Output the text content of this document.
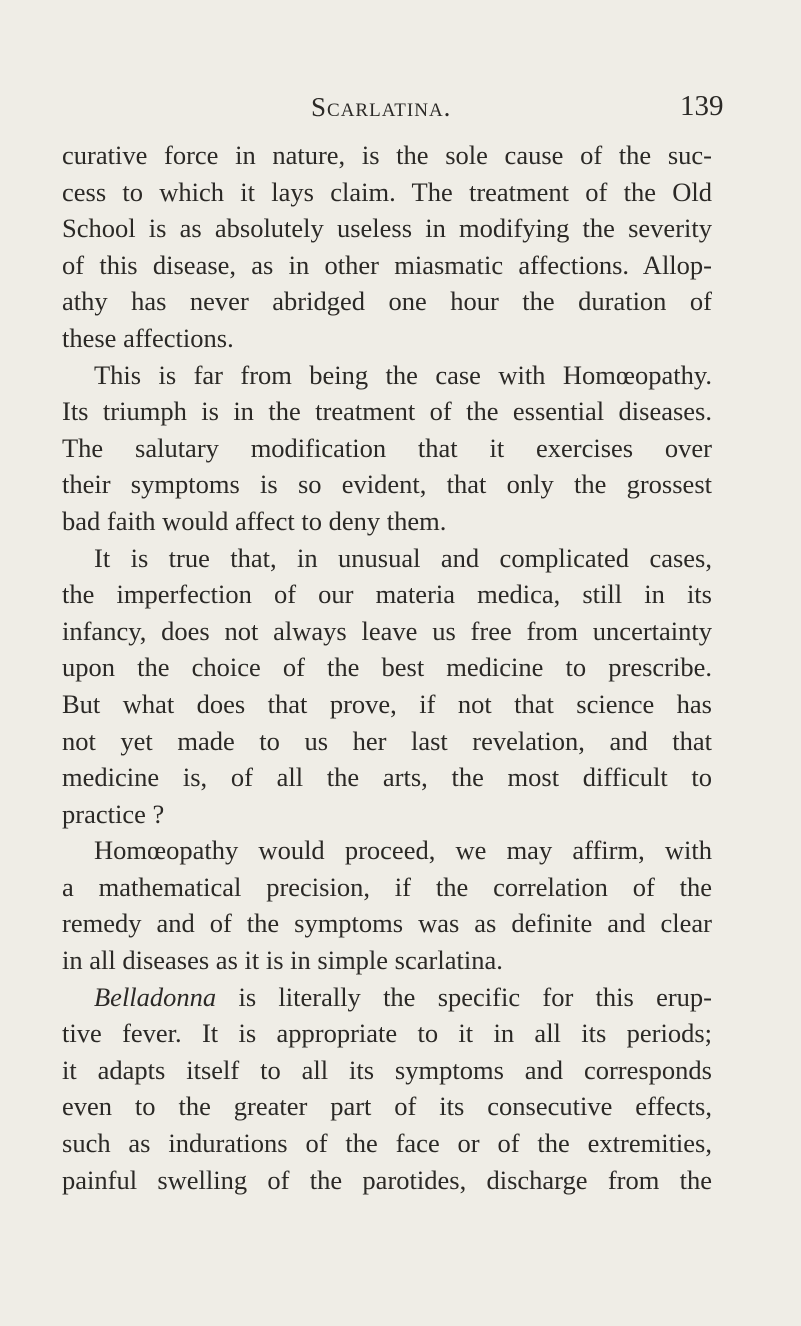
Scarlatina.	139
curative force in nature, is the sole cause of the suc-
cess to which it lays claim. The treatment of the Old
School is as absolutely useless in modifying the severity
of this disease, as in other miasmatic affections. Allop-
athy has never abridged one hour the duration of
these affections.
This is far from being the case with Homœopathy.
Its triumph is in the treatment of the essential diseases.
The salutary modification that it exercises over
their symptoms is so evident, that only the grossest
bad faith would affect to deny them.
It is true that, in unusual and complicated cases,
the imperfection of our materia medica, still in its
infancy, does not always leave us free from uncertainty
upon the choice of the best medicine to prescribe.
But what does that prove, if not that science has
not yet made to us her last revelation, and that
medicine is, of all the arts, the most difficult to
practice ?
Homœopathy would proceed, we may affirm, with
a mathematical precision, if the correlation of the
remedy and of the symptoms was as definite and clear
in all diseases as it is in simple scarlatina.
Belladonna is literally the specific for this erup-
tive fever. It is appropriate to it in all its periods;
it adapts itself to all its symptoms and corresponds
even to the greater part of its consecutive effects,
such as indurations of the face or of the extremities,
painful swelling of the parotides, discharge from the
